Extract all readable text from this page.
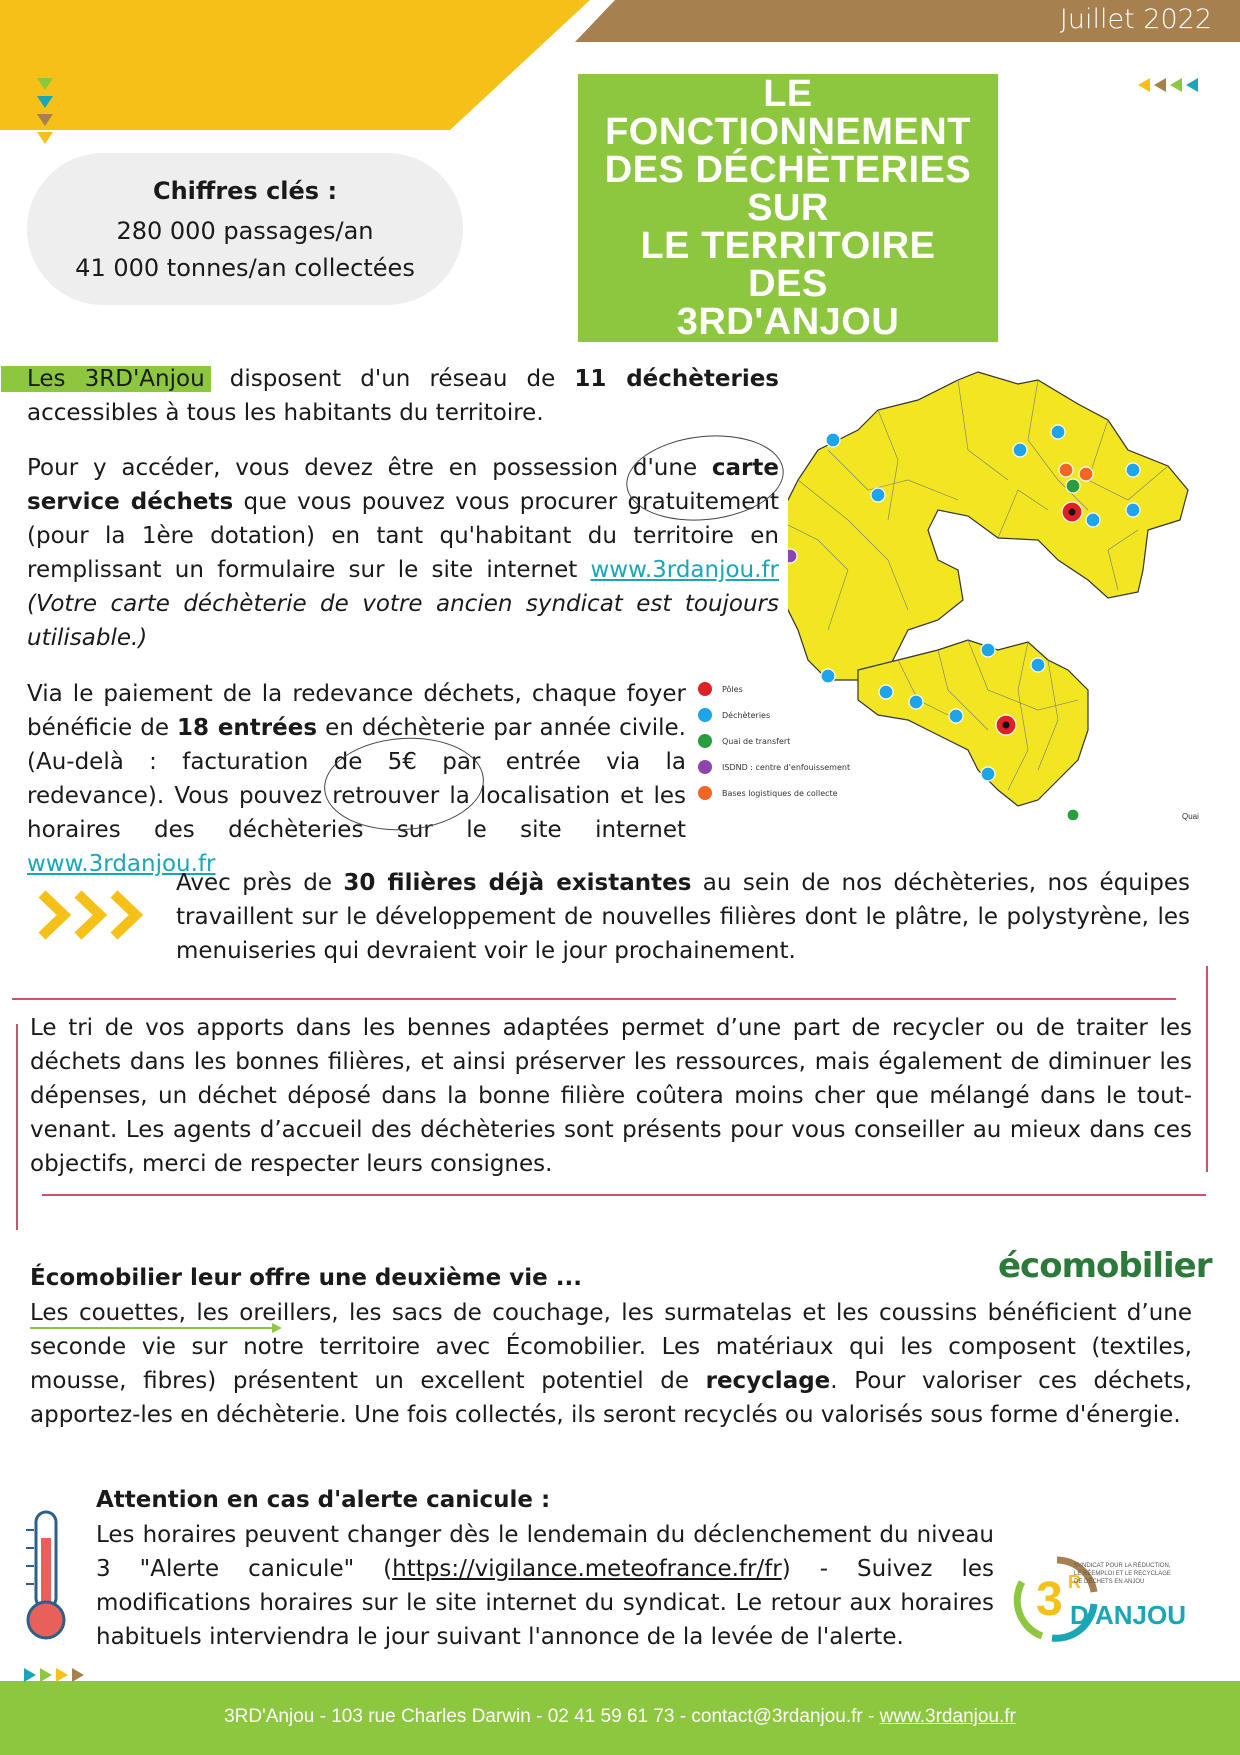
Juillet 2022
LE FONCTIONNEMENT
DES DÉCHÈTERIES SUR
LE TERRITOIRE DES
3RD'ANJOU
Chiffres clés :
280 000 passages/an
41 000 tonnes/an collectées
Les 3RD'Anjou disposent d'un réseau de 11 déchèteries accessibles à tous les habitants du territoire.
Pour y accéder, vous devez être en possession d'une carte service déchets que vous pouvez vous procurer gratuitement (pour la 1ère dotation) en tant qu'habitant du territoire en remplissant un formulaire sur le site internet www.3rdanjou.fr (Votre carte déchèterie de votre ancien syndicat est toujours utilisable.)
Via le paiement de la redevance déchets, chaque foyer bénéficie de 18 entrées en déchèterie par année civile. (Au-delà : facturation de 5€ par entrée via la redevance). Vous pouvez retrouver la localisation et les horaires des déchèteries sur le site internet www.3rdanjou.fr
Pôles
Déchèteries
Quai de transfert
ISDND : centre d'enfouissement
Bases logistiques de collecte
Quai
Avec près de 30 filières déjà existantes au sein de nos déchèteries, nos équipes travaillent sur le développement de nouvelles filières dont le plâtre, le polystyrène, les menuiseries qui devraient voir le jour prochainement.
Le tri de vos apports dans les bennes adaptées permet d’une part de recycler ou de traiter les déchets dans les bonnes filières, et ainsi préserver les ressources, mais également de diminuer les dépenses, un déchet déposé dans la bonne filière coûtera moins cher que mélangé dans le tout-venant. Les agents d’accueil des déchèteries sont présents pour vous conseiller au mieux dans ces objectifs, merci de respecter leurs consignes.
écomobilier
Écomobilier leur offre une deuxième vie ...
Les couettes, les oreillers, les sacs de couchage, les surmatelas et les coussins bénéficient d’une seconde vie sur notre territoire avec Écomobilier. Les matériaux qui les composent (textiles, mousse, fibres) présentent un excellent potentiel de recyclage. Pour valoriser ces déchets, apportez-les en déchèterie. Une fois collectés, ils seront recyclés ou valorisés sous forme d'énergie.
Attention en cas d'alerte canicule :
Les horaires peuvent changer dès le lendemain du déclenchement du niveau 3 "Alerte canicule" (https://vigilance.meteofrance.fr/fr) - Suivez les modifications horaires sur le site internet du syndicat. Le retour aux horaires habituels interviendra le jour suivant l'annonce de la levée de l'alerte.
3 R
D'ANJOU
SYNDICAT POUR LA RÉDUCTION,
LE RÉEMPLOI ET LE RECYCLAGE
DE DÉCHETS EN ANJOU
3RD'Anjou - 103 rue Charles Darwin - 02 41 59 61 73 - contact@3rdanjou.fr - www.3rdanjou.fr
